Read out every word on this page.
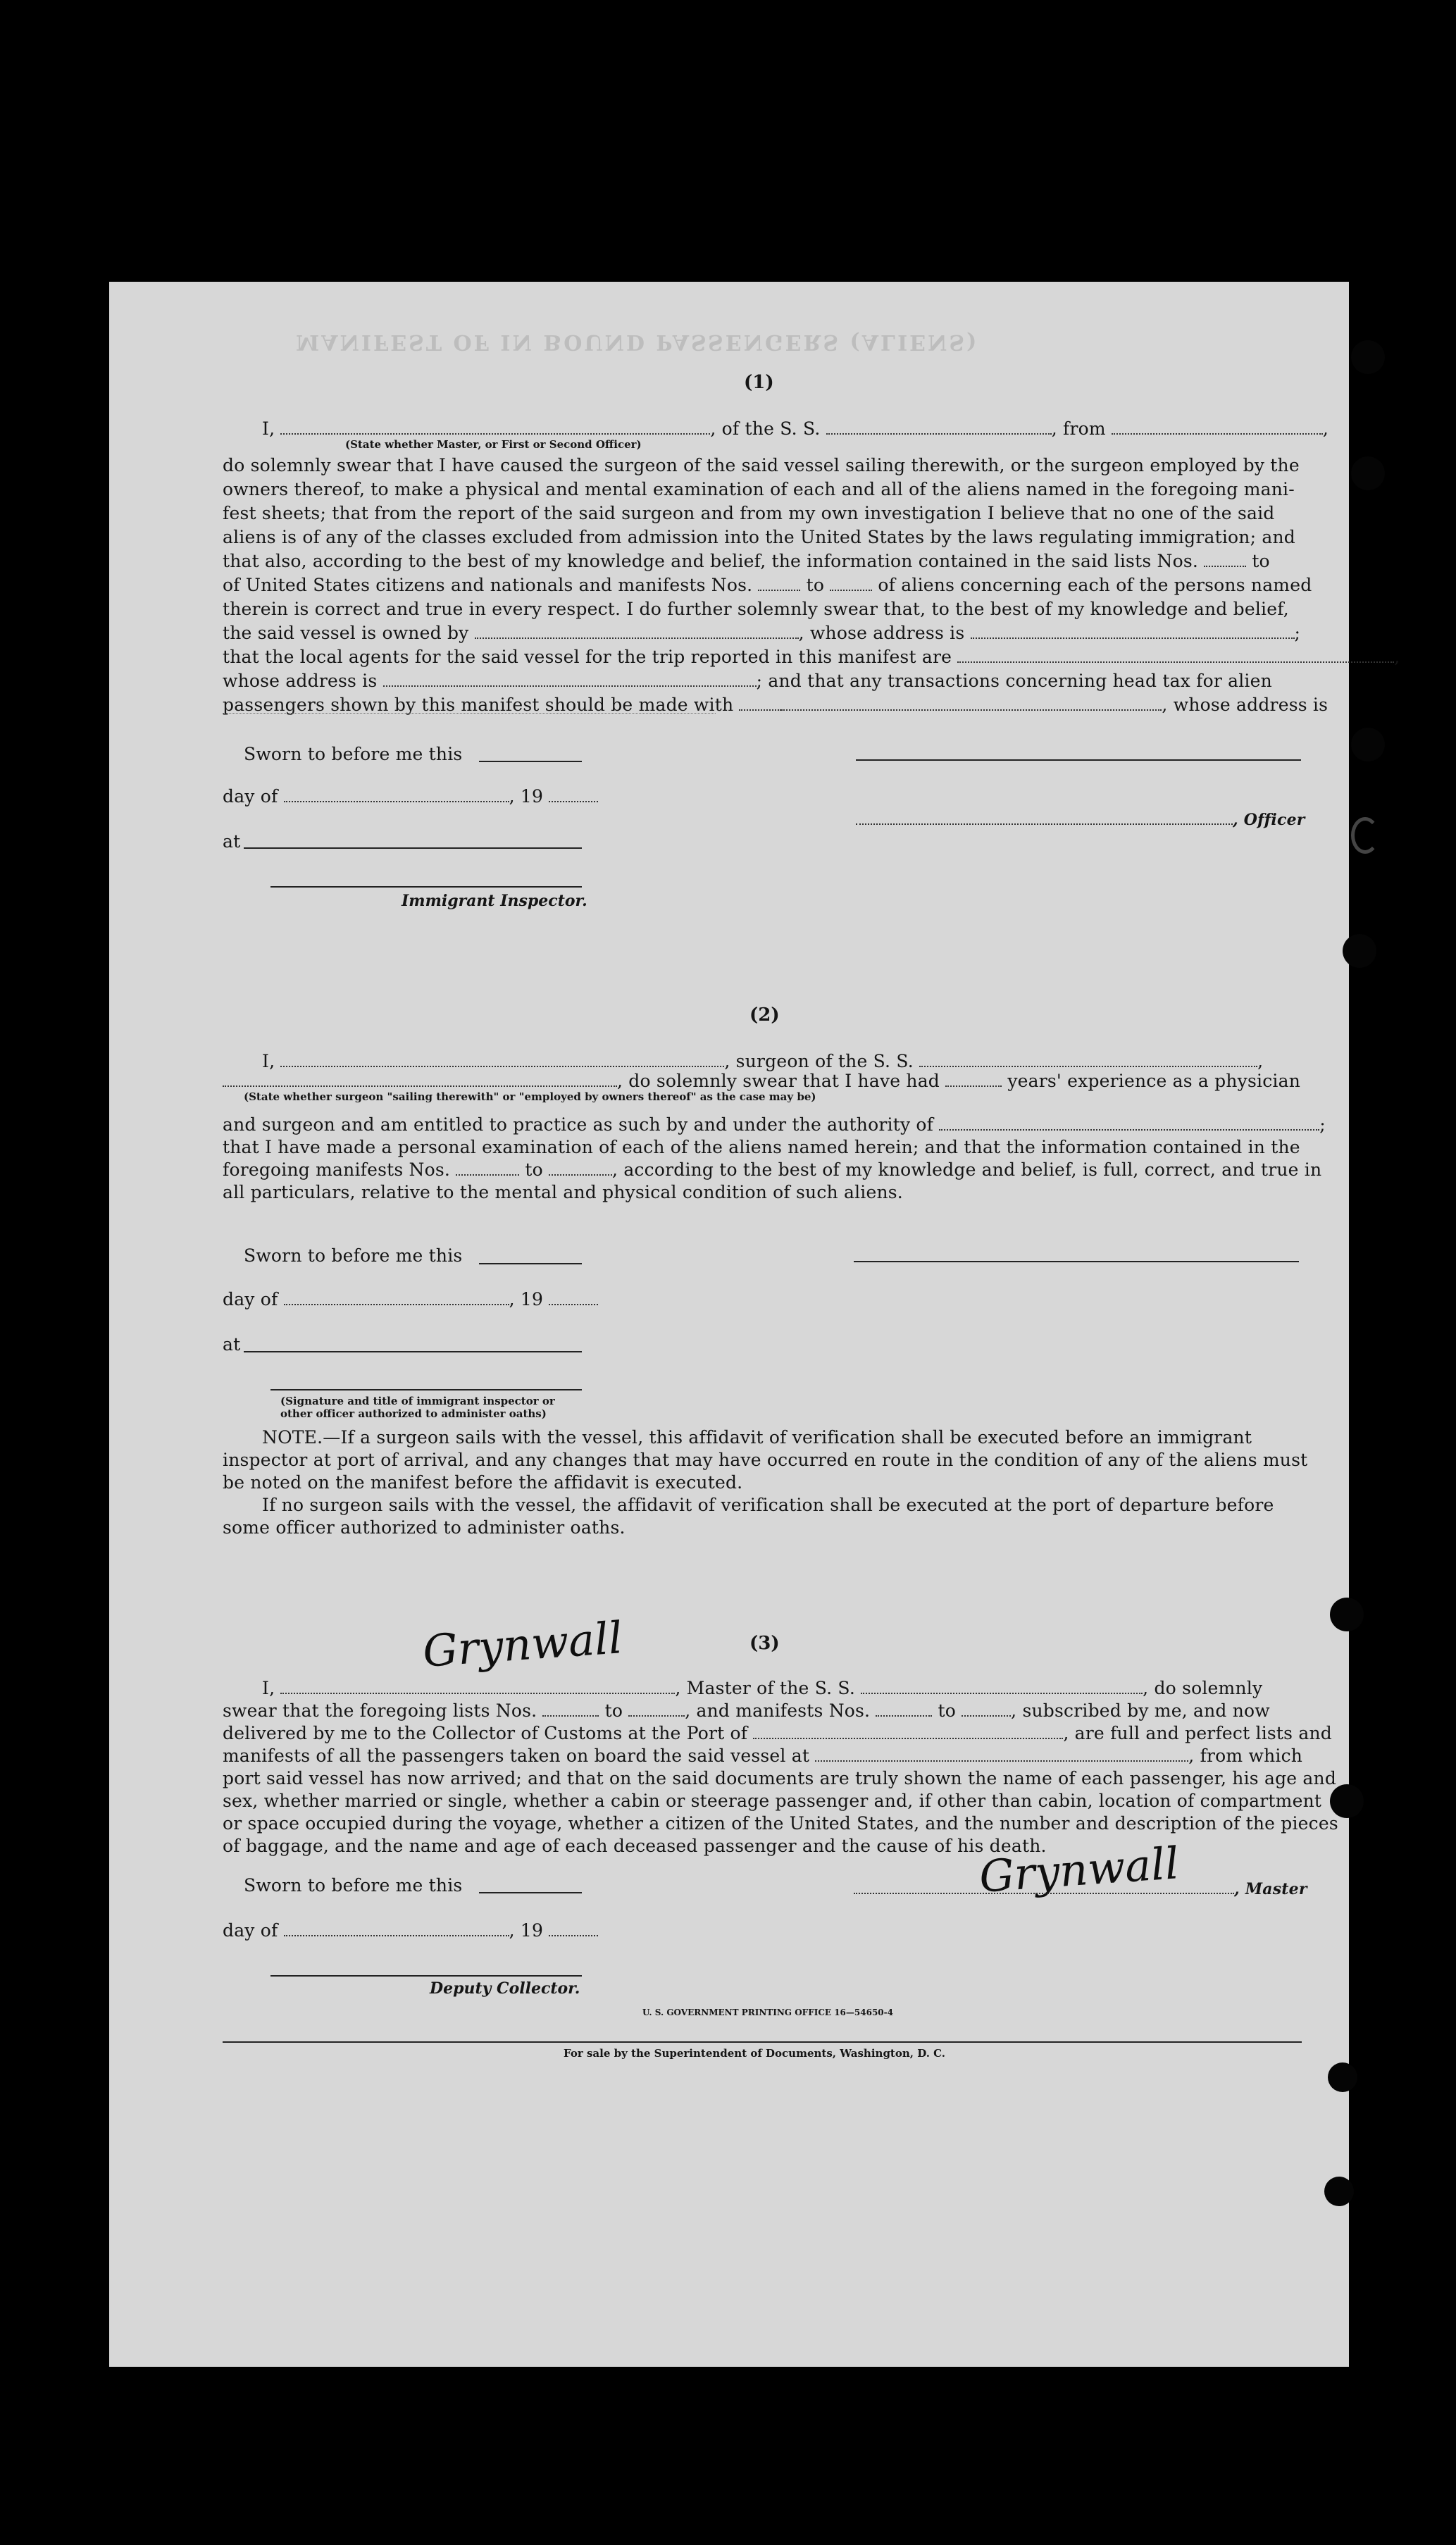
MANIFEST OF IN BOUND PASSENGERS (ALIENS)
(1)
I,	, of the S. S.	, from	,
(State whether Master, or First or Second Officer)
do solemnly swear that I have caused the surgeon of the said vessel sailing therewith, or the surgeon employed by the
owners thereof, to make a physical and mental examination of each and all of the aliens named in the foregoing mani-
fest sheets; that from the report of the said surgeon and from my own investigation I believe that no one of the said
aliens is of any of the classes excluded from admission into the United States by the laws regulating immigration; and
that also, according to the best of my knowledge and belief, the information contained in the said lists Nos.	to
of United States citizens and nationals and manifests Nos.	to	of aliens concerning each of the persons named
therein is correct and true in every respect. I do further solemnly swear that, to the best of my knowledge and belief,
the said vessel is owned by	, whose address is	;
that the local agents for the said vessel for the trip reported in this manifest are	,
whose address is	; and that any transactions concerning head tax for alien
passengers shown by this manifest should be made with	, whose address is
Sworn to before me this
day of	, 19
, Officer
at
Immigrant Inspector.
(2)
I,	, surgeon of the S. S.	,
, do solemnly swear that I have had	years' experience as a physician
(State whether surgeon "sailing therewith" or "employed by owners thereof" as the case may be)
and surgeon and am entitled to practice as such by and under the authority of	;
that I have made a personal examination of each of the aliens named herein; and that the information contained in the
foregoing manifests Nos.	to	, according to the best of my knowledge and belief, is full, correct, and true in
all particulars, relative to the mental and physical condition of such aliens.
Sworn to before me this
day of	, 19
at
(Signature and title of immigrant inspector or
other officer authorized to administer oaths)
NOTE.—If a surgeon sails with the vessel, this affidavit of verification shall be executed before an immigrant
inspector at port of arrival, and any changes that may have occurred en route in the condition of any of the aliens must
be noted on the manifest before the affidavit is executed.
If no surgeon sails with the vessel, the affidavit of verification shall be executed at the port of departure before
some officer authorized to administer oaths.
(3)
Grynwall
I,	, Master of the S. S.	, do solemnly
swear that the foregoing lists Nos.	to	, and manifests Nos.	to	, subscribed by me, and now
delivered by me to the Collector of Customs at the Port of	, are full and perfect lists and
manifests of all the passengers taken on board the said vessel at	, from which
port said vessel has now arrived; and that on the said documents are truly shown the name of each passenger, his age and
sex, whether married or single, whether a cabin or steerage passenger and, if other than cabin, location of compartment
or space occupied during the voyage, whether a citizen of the United States, and the number and description of the pieces
of baggage, and the name and age of each deceased passenger and the cause of his death.
Sworn to before me this	Grynwall	, Master
day of	, 19
Deputy Collector.
U. S. GOVERNMENT PRINTING OFFICE 16—54650-4
For sale by the Superintendent of Documents, Washington, D. C.
